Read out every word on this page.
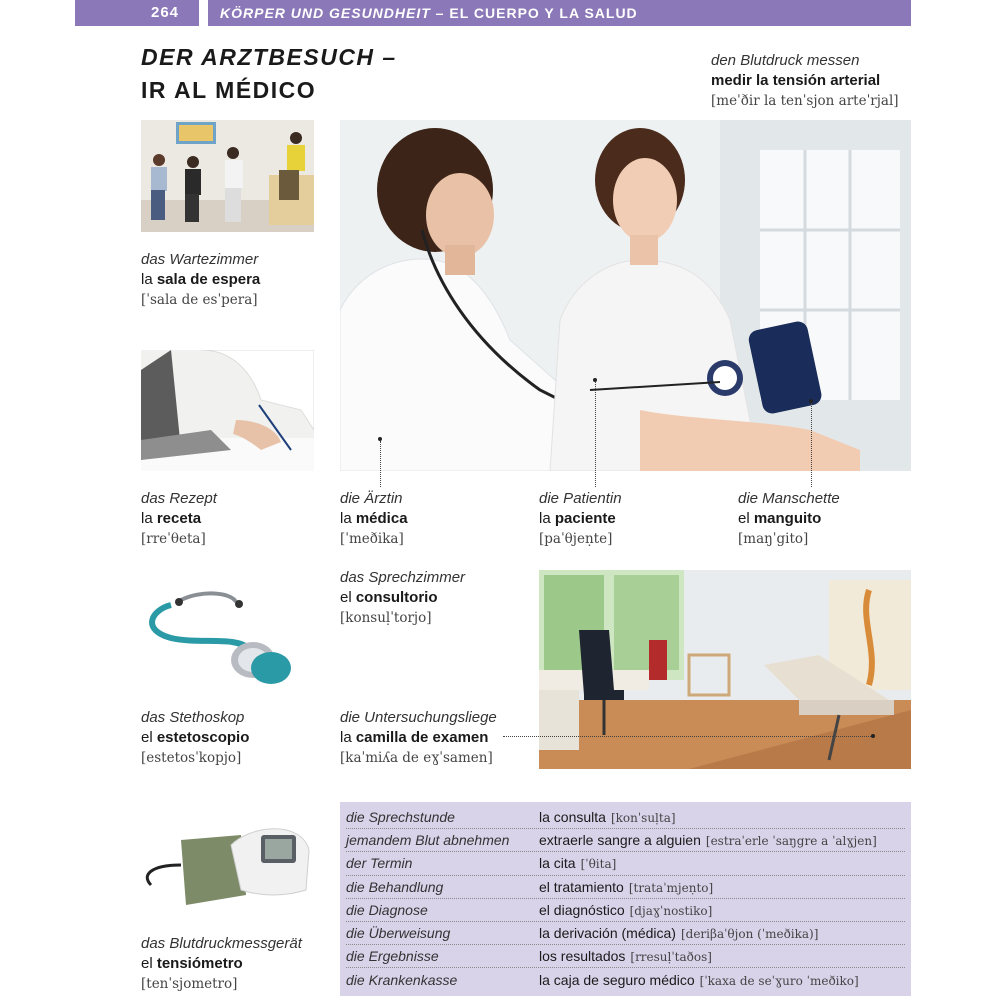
264	KÖRPER UND GESUNDHEIT – EL CUERPO Y LA SALUD
DER ARZTBESUCH –
IR AL MÉDICO
den Blutdruck messen
medir la tensión arterial
[meˈðir la tenˈsjon arteˈrjal]
das Wartezimmer
la sala de espera
[ˈsala de esˈpera]
das Rezept
la receta
[rreˈθeta]
die Ärztin
la médica
[ˈmeðika]
die Patientin
la paciente
[paˈθjeṇte]
die Manschette
el manguito
[maŋˈgito]
das Stethoskop
el estetoscopio
[estetosˈkopjo]
das Sprechzimmer
el consultorio
[konsuḷˈtorjo]
die Untersuchungsliege
la camilla de examen
[kaˈmiʎa de eɣˈsamen]
das Blutdruckmessgerät
el tensiómetro
[tenˈsjometro]
die Sprechstunde	la consulta [konˈsuḷta]
jemandem Blut abnehmen	extraerle sangre a alguien [estraˈerle ˈsaŋgre a ˈalɣjen]
der Termin	la cita [ˈθita]
die Behandlung	el tratamiento [trataˈmjeṇto]
die Diagnose	el diagnóstico [djaɣˈnostiko]
die Überweisung	la derivación (médica) [deriβaˈθjon (ˈmeðika)]
die Ergebnisse	los resultados [rresuḷˈtaðos]
die Krankenkasse	la caja de seguro médico [ˈkaxa de seˈɣuro ˈmeðiko]
